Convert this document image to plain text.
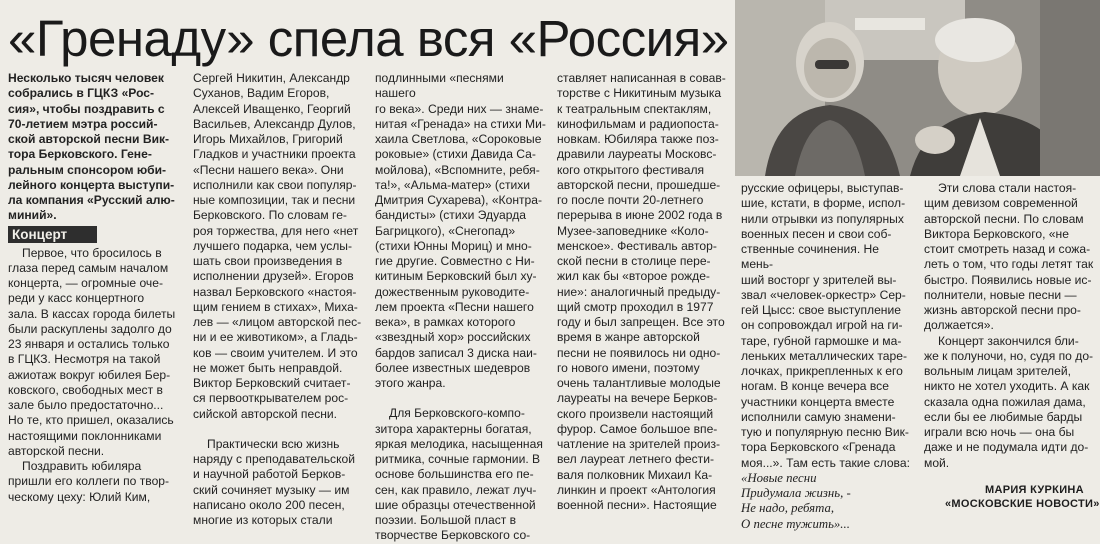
«Гренаду» спела вся «Россия»

Несколько тысяч человек

собрались в ГЦКЗ «Рос-

сия», чтобы поздравить с

70-летием мэтра россий-

ской авторской песни Вик-

тора Берковского. Гене-

ральным спонсором юби-

лейного концерта выступи-

ла компания «Русский алю-

миний».

Концерт

Первое, что бросилось в

глаза перед самым началом

концерта, — огромные оче-

реди у касс концертного

зала. В кассах города билеты

были раскуплены задолго до

23 января и остались только

в ГЦКЗ. Несмотря на такой

ажиотаж вокруг юбилея Бер-

ковского, свободных мест в

зале было предостаточно...

Но те, кто пришел, оказались

настоящими поклонниками

авторской песни.

Поздравить юбиляра

пришли его коллеги по твор-

ческому цеху: Юлий Ким,

Сергей Никитин, Александр

Суханов, Вадим Егоров,

Алексей Иващенко, Георгий

Васильев, Александр Дулов,

Игорь Михайлов, Григорий

Гладков и участники проекта

«Песни нашего века». Они

исполнили как свои популяр-

ные композиции, так и песни

Берковского. По словам ге-

роя торжества, для него «нет

лучшего подарка, чем услы-

шать свои произведения в

исполнении друзей». Егоров

назвал Берковского «настоя-

щим гением в стихах», Миха-

лев — «лицом авторской пес-

ни и ее животиком», а Гладь-

ков — своим учителем. И это

не может быть неправдой.

Виктор Берковский считает-

ся первооткрывателем рос-

сийской авторской песни.

Практически всю жизнь

наряду с преподавательской

и научной работой Берков-

ский сочиняет музыку — им

написано около 200 песен,

многие из которых стали

подлинными «песнями нашего

го века». Среди них — знаме-

нитая «Гренада» на стихи Ми-

хаила Светлова, «Сороковые

роковые» (стихи Давида Са-

мойлова), «Вспомните, ребя-

та!», «Альма-матер» (стихи

Дмитрия Сухарева), «Контра-

бандисты» (стихи Эдуарда

Багрицкого), «Снегопад»

(стихи Юнны Мориц) и мно-

гие другие. Совместно с Ни-

китиным Берковский был ху-

дожественным руководите-

лем проекта «Песни нашего

века», в рамках которого

«звездный хор» российских

бардов записал 3 диска наи-

более известных шедевров

этого жанра.

Для Берковского-компо-

зитора характерны богатая,

яркая мелодика, насыщенная

ритмика, сочные гармонии. В

основе большинства его пе-

сен, как правило, лежат луч-

шие образцы отечественной

поэзии. Большой пласт в

творчестве Берковского со-

ставляет написанная в совав-

торстве с Никитиным музыка

к театральным спектаклям,

кинофильмам и радиопоста-

новкам. Юбиляра также поз-

дравили лауреаты Московс-

кого открытого фестиваля

авторской песни, прошедше-

го после почти 20-летнего

перерыва в июне 2002 года в

Музее-заповеднике «Коло-

менское». Фестиваль автор-

ской песни в столице пере-

жил как бы «второе рожде-

ние»: аналогичный предыду-

щий смотр проходил в 1977

году и был запрещен. Все это

время в жанре авторской

песни не появилось ни одно-

го нового имени, поэтому

очень талантливые молодые

лауреаты на вечере Берков-

ского произвели настоящий

фурор. Самое большое впе-

чатление на зрителей произ-

вел лауреат летнего фести-

валя полковник Михаил Ка-

линкин и проект «Антология

военной песни». Настоящие

русские офицеры, выступав-

шие, кстати, в форме, испол-

нили отрывки из популярных

военных песен и свои соб-

ственные сочинения. Не мень-

ший восторг у зрителей вы-

звал «человек-оркестр» Сер-

гей Цысс: свое выступление

он сопровождал игрой на ги-

таре, губной гармошке и ма-

леньких металлических таре-

лочках, прикрепленных к его

ногам. В конце вечера все

участники концерта вместе

исполнили самую знамени-

тую и популярную песню Вик-

тора Берковского «Гренада

моя...». Там есть такие слова:

«Новые песни

Придумала жизнь, -

Не надо, ребята,

О песне тужить»...

Эти слова стали настоя-

щим девизом современной

авторской песни. По словам

Виктора Берковского, «не

стоит смотреть назад и сожа-

леть о том, что годы летят так

быстро. Появились новые ис-

полнители, новые песни —

жизнь авторской песни про-

должается».

Концерт закончился бли-

же к полуночи, но, судя по до-

вольным лицам зрителей,

никто не хотел уходить. А как

сказала одна пожилая дама,

если бы ее любимые барды

играли всю ночь — она бы

даже и не подумала идти до-

мой.

МАРИЯ КУРКИНА
«МОСКОВСКИЕ НОВОСТИ»
